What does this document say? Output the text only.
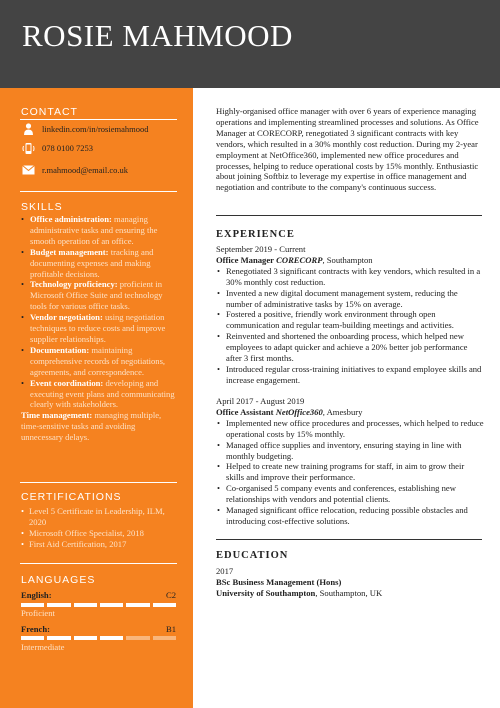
ROSIE MAHMOOD
CONTACT
linkedin.com/in/rosiemahmood
078 0100 7253
r.mahmood@email.co.uk
SKILLS
• Office administration: managing administrative tasks and ensuring the smooth operation of an office.
• Budget management: tracking and documenting expenses and making profitable decisions.
• Technology proficiency: proficient in Microsoft Office Suite and technology tools for various office tasks.
• Vendor negotiation: using negotiation techniques to reduce costs and improve supplier relationships.
• Documentation: maintaining comprehensive records of negotiations, agreements, and correspondence.
• Event coordination: developing and executing event plans and communicating clearly with stakeholders.
Time management: managing multiple, time-sensitive tasks and avoiding unnecessary delays.
CERTIFICATIONS
• Level 5 Certificate in Leadership, ILM, 2020
• Microsoft Office Specialist, 2018
• First Aid Certification, 2017
LANGUAGES
English:	C2
Proficient
French:	B1
Intermediate
Highly-organised office manager with over 6 years of experience managing operations and implementing streamlined processes and solutions. As Office Manager at CORECORP, renegotiated 3 significant contracts with key vendors, which resulted in a 30% monthly cost reduction. During my 2-year employment at NetOffice360, implemented new office procedures and processes, helping to reduce operational costs by 15% monthly. Enthusiastic about joining Softbiz to leverage my expertise in office management and negotiation and contribute to the company's continuous success.
EXPERIENCE
September 2019 - Current
Office Manager CORECORP, Southampton
• Renegotiated 3 significant contracts with key vendors, which resulted in a 30% monthly cost reduction.
• Invented a new digital document management system, reducing the number of administrative tasks by 15% on average.
• Fostered a positive, friendly work environment through open communication and regular team-building meetings and activities.
• Reinvented and shortened the onboarding process, which helped new employees to adapt quicker and achieve a 20% better job performance after 3 first months.
• Introduced regular cross-training initiatives to expand employee skills and increase engagement.
April 2017 - August 2019
Office Assistant NetOffice360, Amesbury
• Implemented new office procedures and processes, which helped to reduce operational costs by 15% monthly.
• Managed office supplies and inventory, ensuring staying in line with monthly budgeting.
• Helped to create new training programs for staff, in aim to grow their skills and improve their performance.
• Co-organised 5 company events and conferences, establishing new relationships with vendors and potential clients.
• Managed significant office relocation, reducing possible obstacles and introducing cost-effective solutions.
EDUCATION
2017
BSc Business Management (Hons)
University of Southampton, Southampton, UK
